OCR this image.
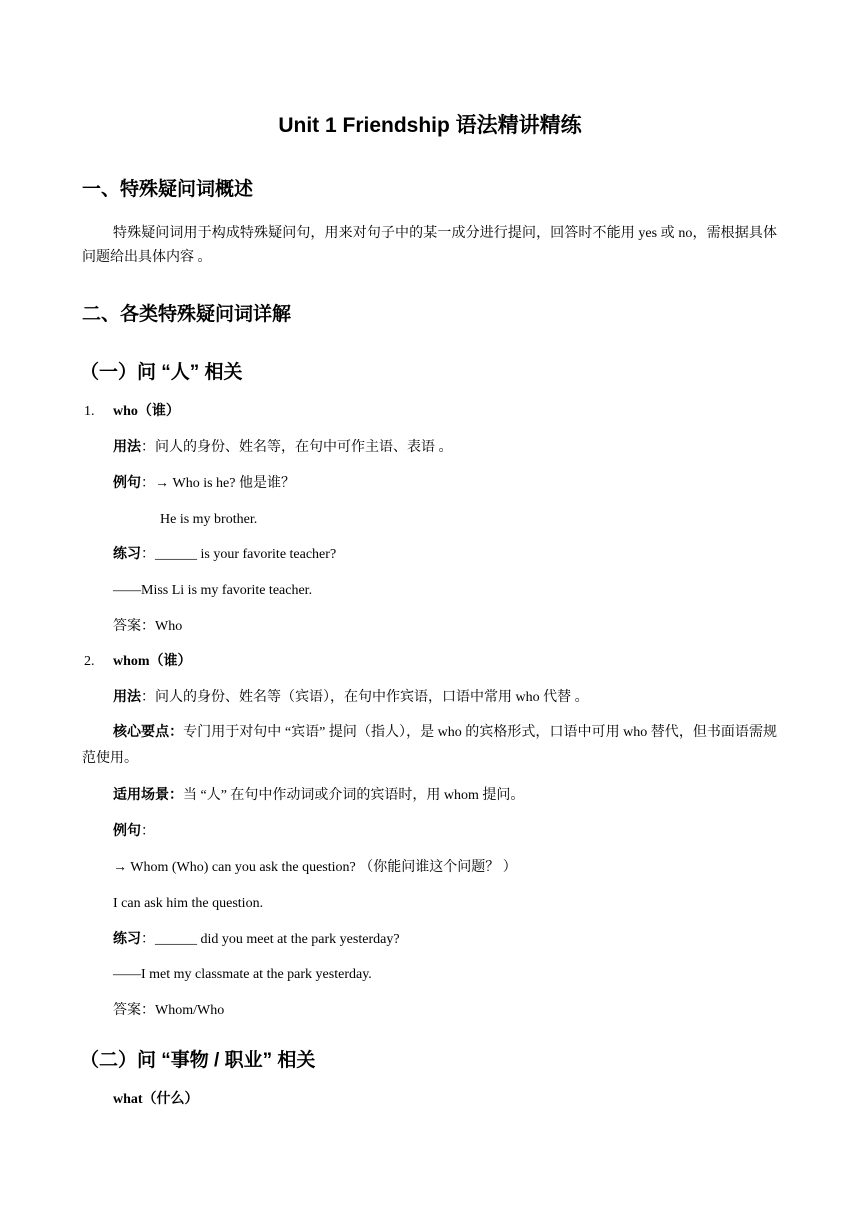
Unit 1 Friendship 语法精讲精练
一、特殊疑问词概述
特殊疑问词用于构成特殊疑问句，用来对句子中的某一成分进行提问，回答时不能用 yes 或 no，需根据具体问题给出具体内容 。
二、各类特殊疑问词详解
（一）问 “人” 相关
1. who（谁）
用法：问人的身份、姓名等，在句中可作主语、表语 。
例句：→ Who is he? 他是谁？
He is my brother.
练习：______ is your favorite teacher?
——Miss Li is my favorite teacher.
答案：Who
2. whom（谁）
用法：问人的身份、姓名等（宾语），在句中作宾语，口语中常用 who 代替 。
核心要点：专门用于对句中 “宾语” 提问（指人），是 who 的宾格形式，口语中可用 who 替代，但书面语需规范使用。
适用场景：当 “人” 在句中作动词或介词的宾语时，用 whom 提问。
例句：
→ Whom (Who) can you ask the question? （你能问谁这个问题？ ）
I can ask him the question.
练习：______ did you meet at the park yesterday?
——I met my classmate at the park yesterday.
答案：Whom/Who
（二）问 “事物 / 职业” 相关
what（什么）
